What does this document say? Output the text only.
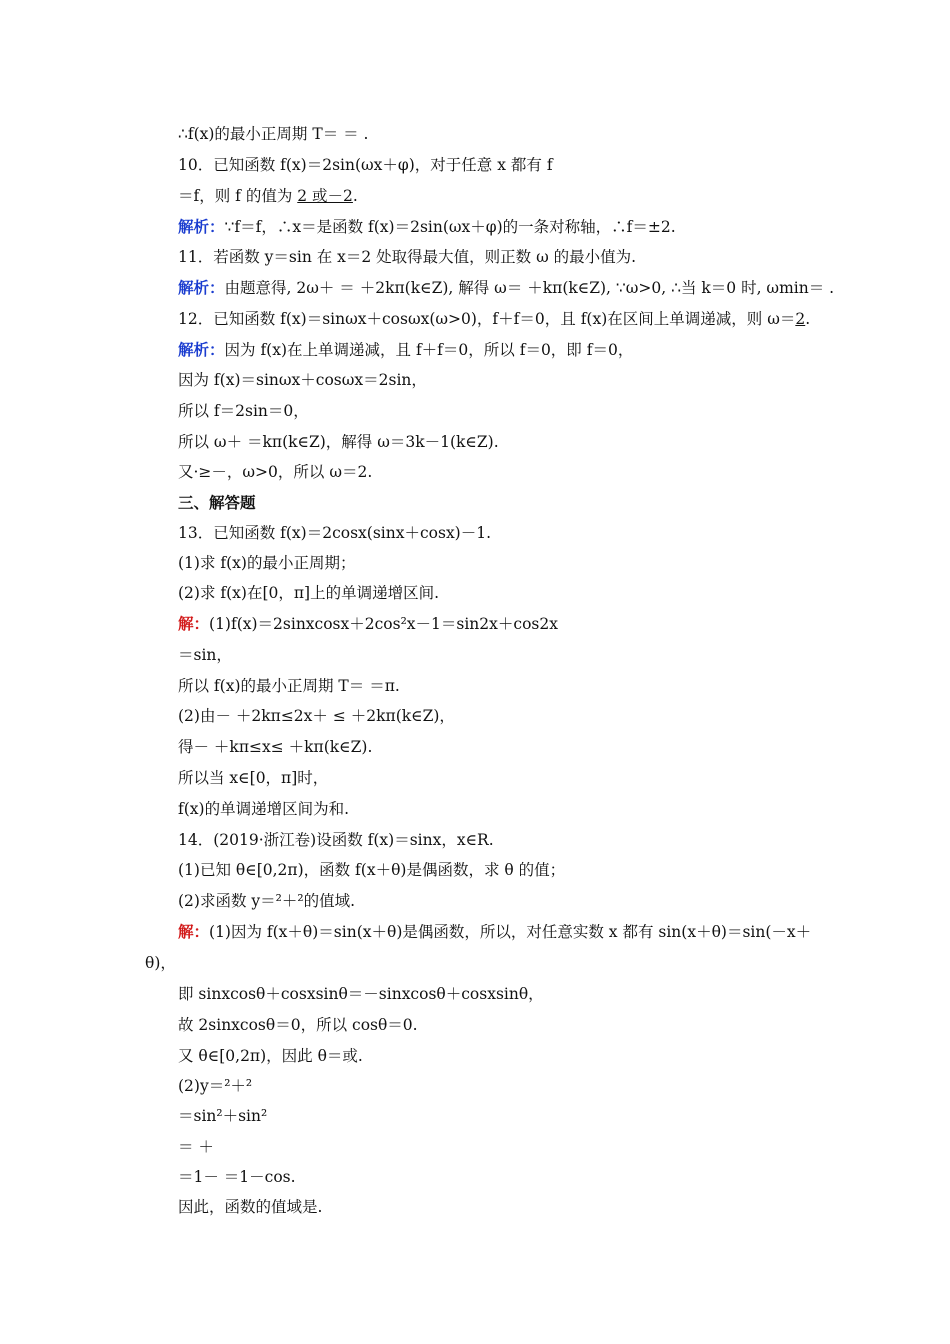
∴f(x)的最小正周期 T＝ ＝ .
10．已知函数 f(x)＝2sin(ωx＋φ)，对于任意 x 都有 f
＝f，则 f 的值为 2 或－2.
解析：∵f＝f，∴x＝是函数 f(x)＝2sin(ωx＋φ)的一条对称轴，∴f＝±2.
11．若函数 y＝sin 在 x＝2 处取得最大值，则正数 ω 的最小值为.
解析：由题意得, 2ω＋ ＝ ＋2kπ(k∈Z), 解得 ω＝ ＋kπ(k∈Z), ∵ω>0, ∴当 k＝0 时, ωmin＝ .
12．已知函数 f(x)＝sinωx＋cosωx(ω>0)，f＋f＝0，且 f(x)在区间上单调递减，则 ω＝2.
解析：因为 f(x)在上单调递减，且 f＋f＝0，所以 f＝0，即 f＝0，
因为 f(x)＝sinωx＋cosωx＝2sin，
所以 f＝2sin＝0，
所以 ω＋ ＝kπ(k∈Z)，解得 ω＝3k－1(k∈Z).
又·≥－，ω>0，所以 ω＝2.
三、解答题
13．已知函数 f(x)＝2cosx(sinx＋cosx)－1.
(1)求 f(x)的最小正周期；
(2)求 f(x)在[0，π]上的单调递增区间.
解：(1)f(x)＝2sinxcosx＋2cos²x－1＝sin2x＋cos2x
＝sin，
所以 f(x)的最小正周期 T＝ ＝π.
(2)由－ ＋2kπ≤2x＋ ≤ ＋2kπ(k∈Z)，
得－ ＋kπ≤x≤ ＋kπ(k∈Z).
所以当 x∈[0，π]时，
f(x)的单调递增区间为和.
14．(2019·浙江卷)设函数 f(x)＝sinx，x∈R.
(1)已知 θ∈[0,2π)，函数 f(x＋θ)是偶函数，求 θ 的值；
(2)求函数 y＝²＋²的值域.
解：(1)因为 f(x＋θ)＝sin(x＋θ)是偶函数，所以，对任意实数 x 都有 sin(x＋θ)＝sin(－x＋
θ)，
即 sinxcosθ＋cosxsinθ＝－sinxcosθ＋cosxsinθ，
故 2sinxcosθ＝0，所以 cosθ＝0.
又 θ∈[0,2π)，因此 θ＝或.
(2)y＝²＋²
＝sin²＋sin²
＝ ＋
＝1－ ＝1－cos.
因此，函数的值域是.
